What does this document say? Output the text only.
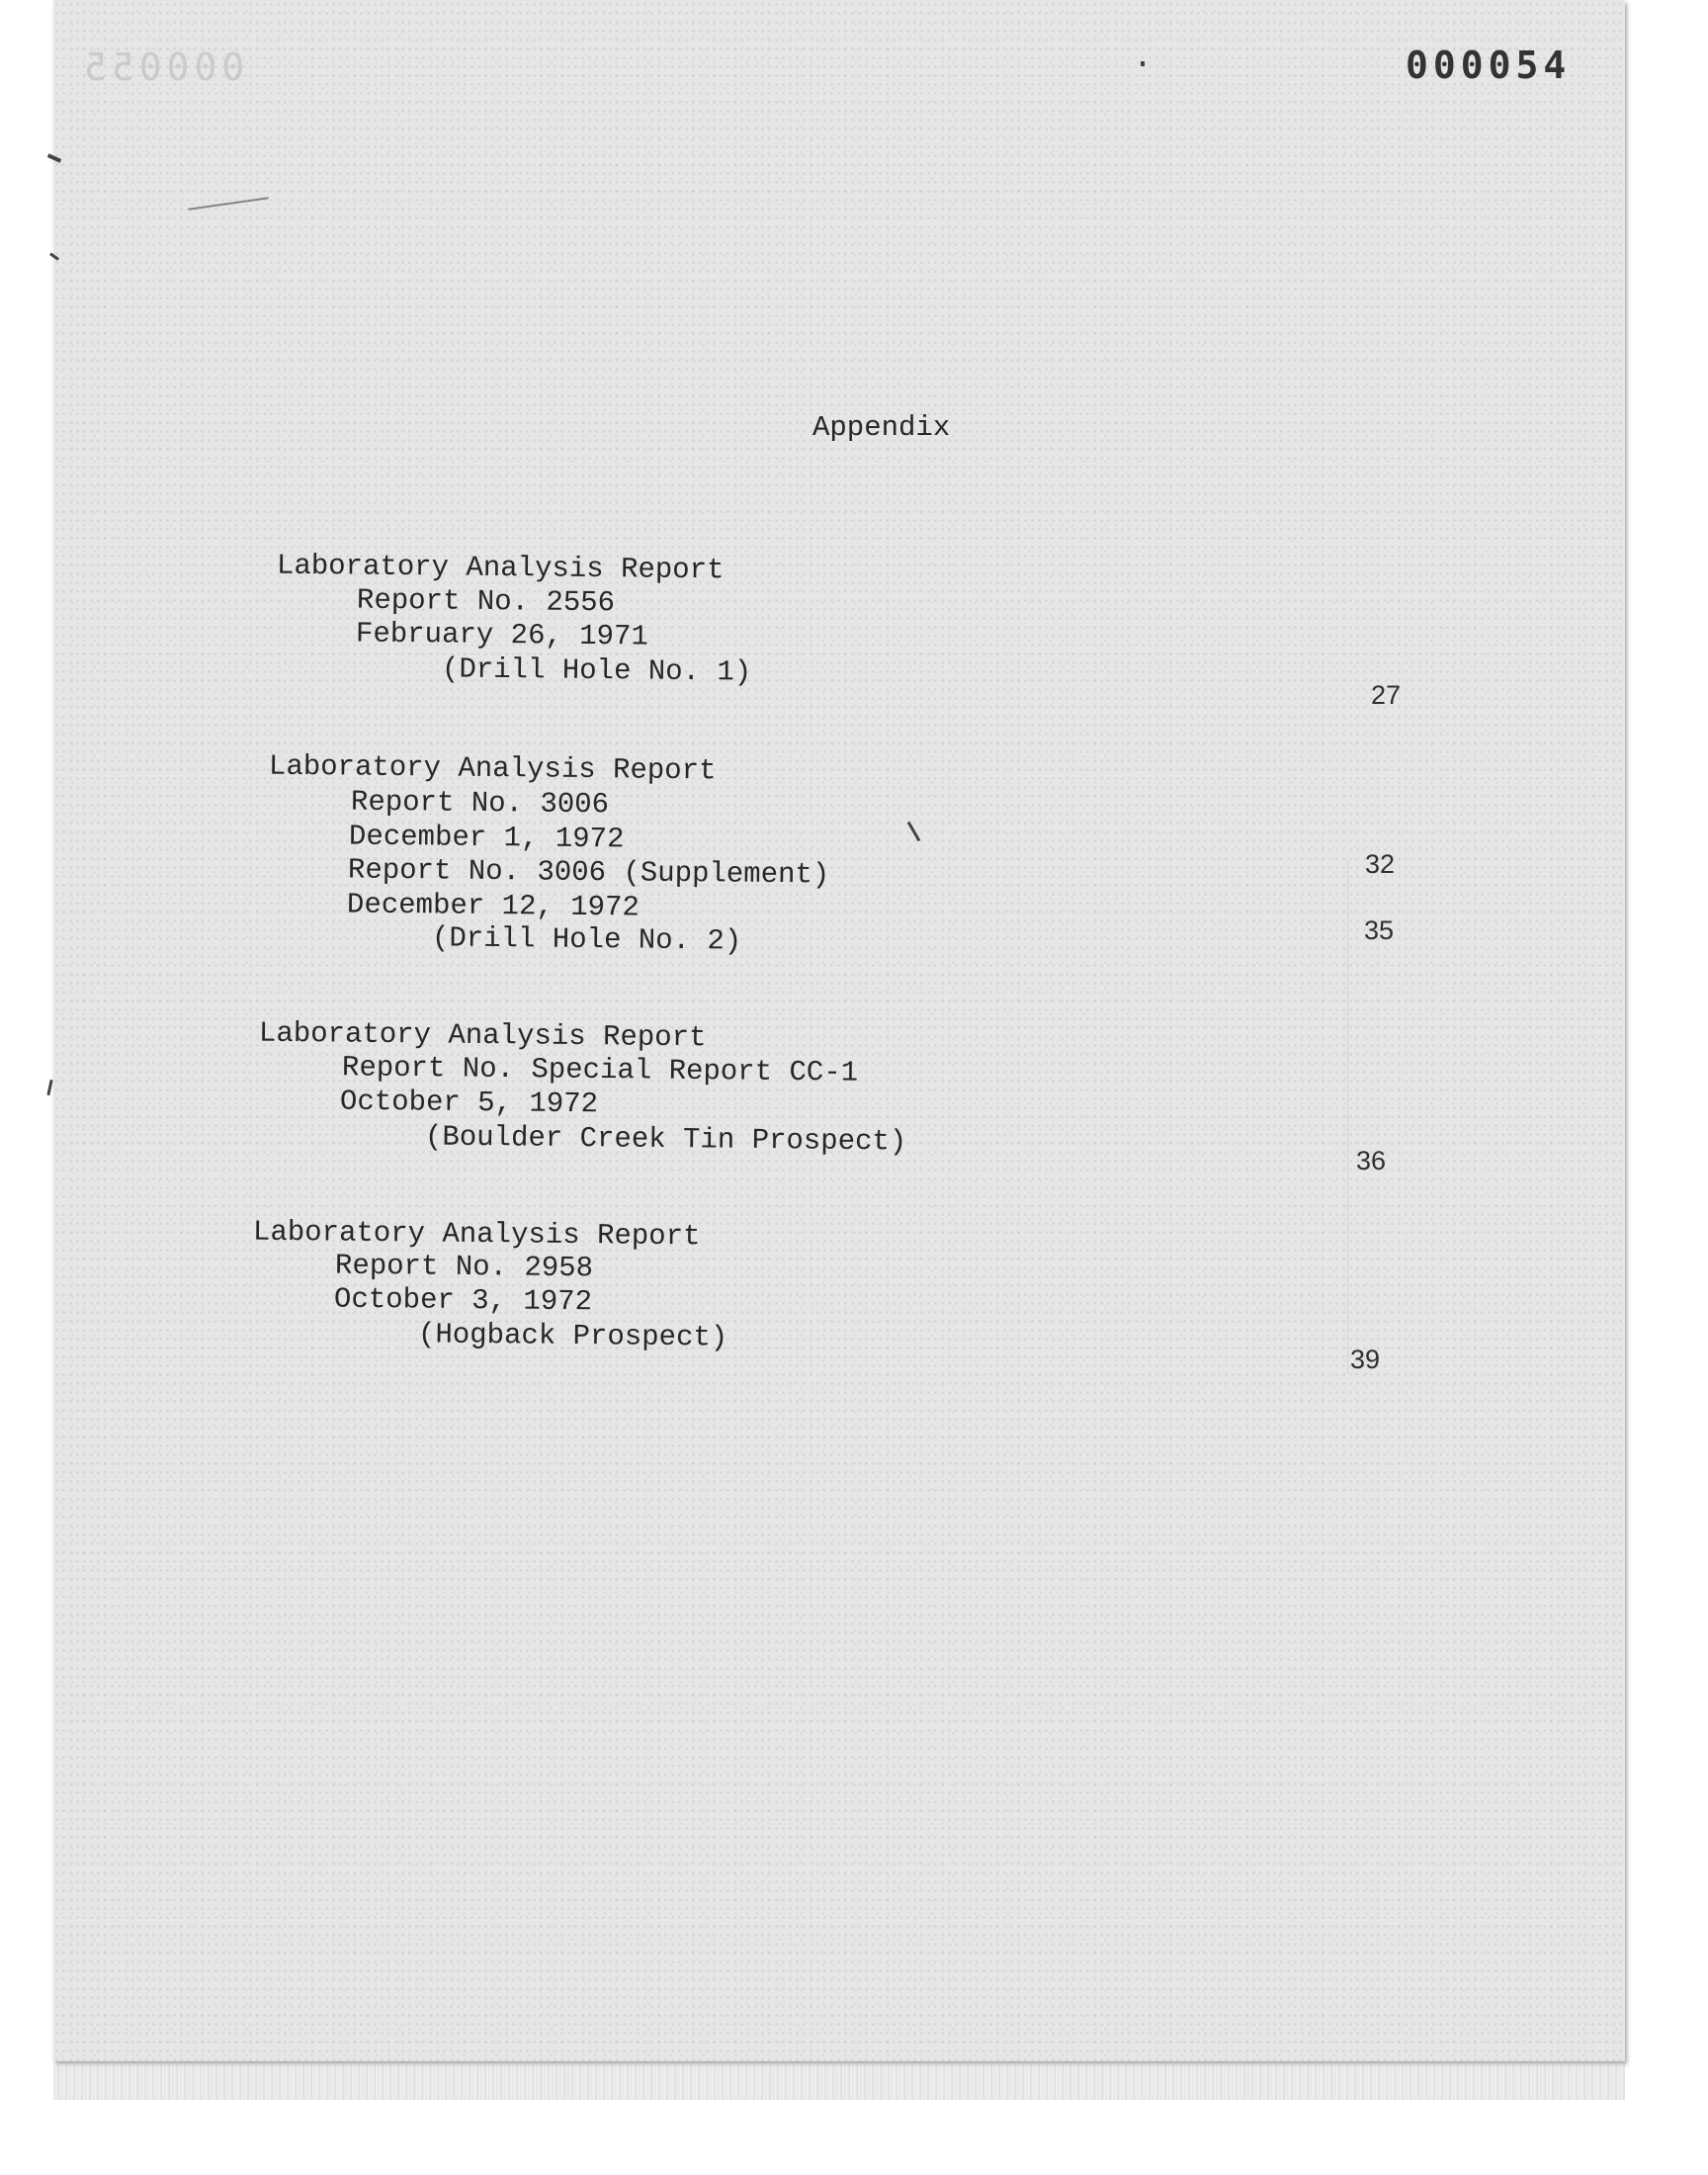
000055	000054
Appendix
Laboratory Analysis Report
Report No. 2556
February 26, 1971
(Drill Hole No. 1)
27
Laboratory Analysis Report
Report No. 3006
December 1, 1972
Report No. 3006 (Supplement)
December 12, 1972
(Drill Hole No. 2)
32
35
Laboratory Analysis Report
Report No. Special Report CC-1
October 5, 1972
(Boulder Creek Tin Prospect)
36
Laboratory Analysis Report
Report No. 2958
October 3, 1972
(Hogback Prospect)
39
